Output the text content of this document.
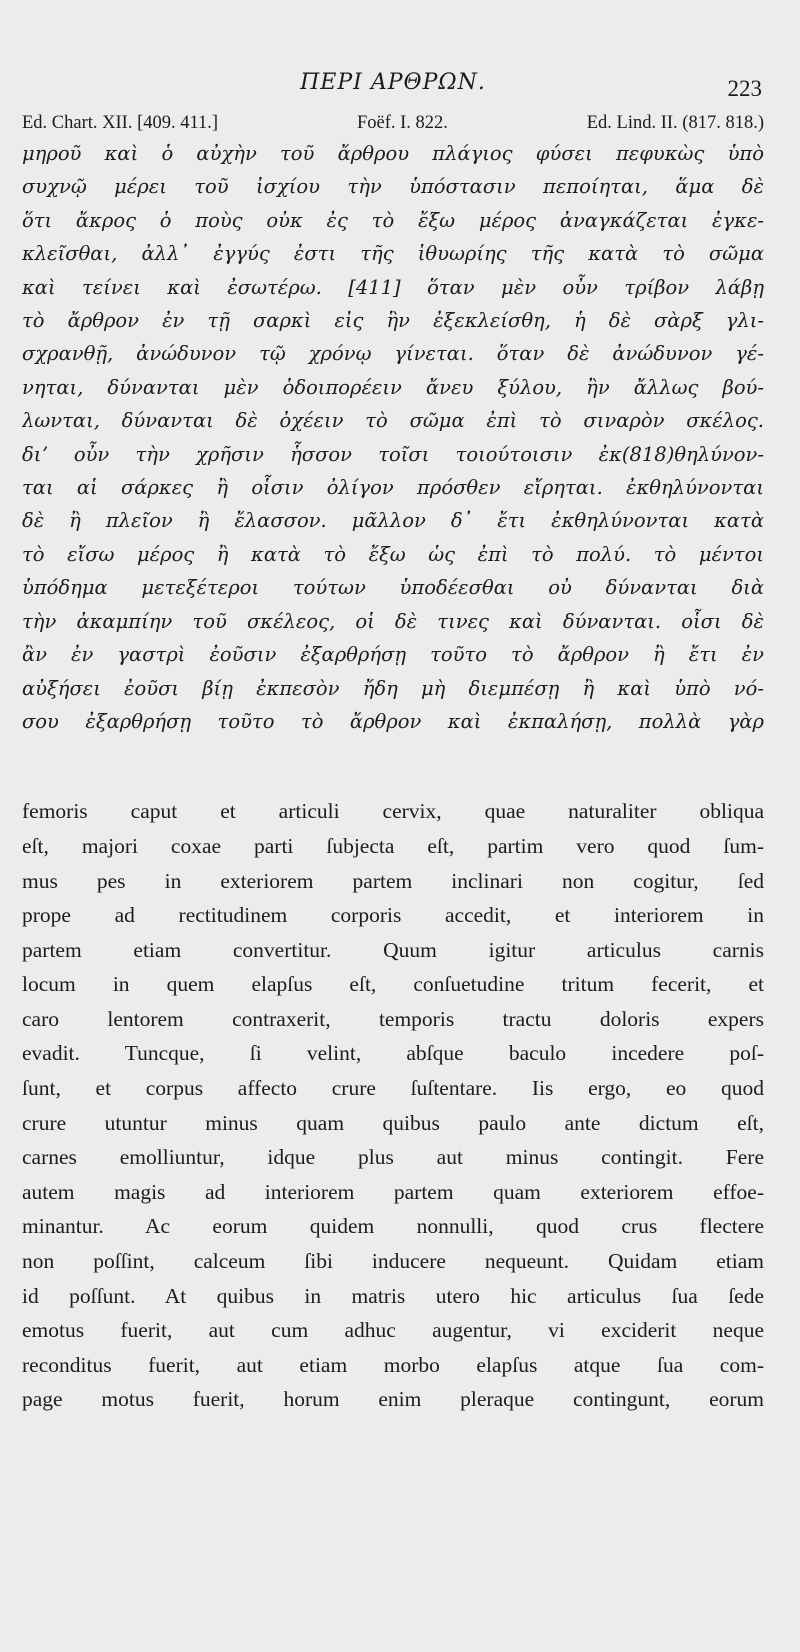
ΠΕΡΙ ΑΡΘΡΩΝ.	223
Ed. Chart. XII. [409. 411.]	Foëf. I. 822.	Ed. Lind. II. (817. 818.)
μηροῦ καὶ ὁ αὐχὴν τοῦ ἄρθρου πλάγιος φύσει πεφυκὼς ὑπὸ
συχνῷ μέρει τοῦ ἰσχίου τὴν ὑπόστασιν πεποίηται, ἅμα δὲ
ὅτι ἄκρος ὁ ποὺς οὐκ ἐς τὸ ἔξω μέρος ἀναγκάζεται ἐγκε-
κλεῖσθαι, ἀλλ᾽ ἐγγύς ἐστι τῆς ἰθυωρίης τῆς κατὰ τὸ σῶμα
καὶ τείνει καὶ ἐσωτέρω. [411] ὅταν μὲν οὖν τρίβον λάβῃ
τὸ ἄρθρον ἐν τῇ σαρκὶ εἰς ἣν ἐξεκλείσθη, ἡ δὲ σὰρξ γλι-
σχρανθῇ, ἀνώδυνον τῷ χρόνῳ γίνεται. ὅταν δὲ ἀνώδυνον γέ-
νηται, δύνανται μὲν ὁδοιπορέειν ἄνευ ξύλου, ἢν ἄλλως βού-
λωνται, δύνανται δὲ ὀχέειν τὸ σῶμα ἐπὶ τὸ σιναρὸν σκέλος.
διʼ οὖν τὴν χρῆσιν ἧσσον τοῖσι τοιούτοισιν ἐκ(818)θηλύνον-
ται αἱ σάρκες ἢ οἷσιν ὀλίγον πρόσθεν εἴρηται. ἐκθηλύνονται
δὲ ἢ πλεῖον ἢ ἔλασσον. μᾶλλον δ᾽ ἔτι ἐκθηλύνονται κατὰ
τὸ εἴσω μέρος ἢ κατὰ τὸ ἔξω ὡς ἐπὶ τὸ πολύ. τὸ μέντοι
ὑπόδημα μετεξέτεροι τούτων ὑποδέεσθαι οὐ δύνανται διὰ
τὴν ἀκαμπίην τοῦ σκέλεος, οἱ δὲ τινες καὶ δύνανται. οἷσι δὲ
ἂν ἐν γαστρὶ ἐοῦσιν ἐξαρθρήσῃ τοῦτο τὸ ἄρθρον ἢ ἔτι ἐν
αὐξήσει ἐοῦσι βίῃ ἐκπεσὸν ἤδη μὴ διεμπέσῃ ἢ καὶ ὑπὸ νό-
σου ἐξαρθρήσῃ τοῦτο τὸ ἄρθρον καὶ ἐκπαλήσῃ, πολλὰ γὰρ
femoris caput et articuli cervix, quae naturaliter obliqua
eſt, majori coxae parti ſubjecta eſt, partim vero quod ſum-
mus pes in exteriorem partem inclinari non cogitur, ſed
prope ad rectitudinem corporis accedit, et interiorem in
partem etiam convertitur. Quum igitur articulus carnis
locum in quem elapſus eſt, conſuetudine tritum fecerit, et
caro lentorem contraxerit, temporis tractu doloris expers
evadit. Tuncque, ſi velint, abſque baculo incedere poſ-
ſunt, et corpus affecto crure ſuſtentare. Iis ergo, eo quod
crure utuntur minus quam quibus paulo ante dictum eſt,
carnes emolliuntur, idque plus aut minus contingit. Fere
autem magis ad interiorem partem quam exteriorem effoe-
minantur. Ac eorum quidem nonnulli, quod crus flectere
non poſſint, calceum ſibi inducere nequeunt. Quidam etiam
id poſſunt. At quibus in matris utero hic articulus ſua ſede
emotus fuerit, aut cum adhuc augentur, vi exciderit neque
reconditus fuerit, aut etiam morbo elapſus atque ſua com-
page motus fuerit, horum enim pleraque contingunt, eorum
